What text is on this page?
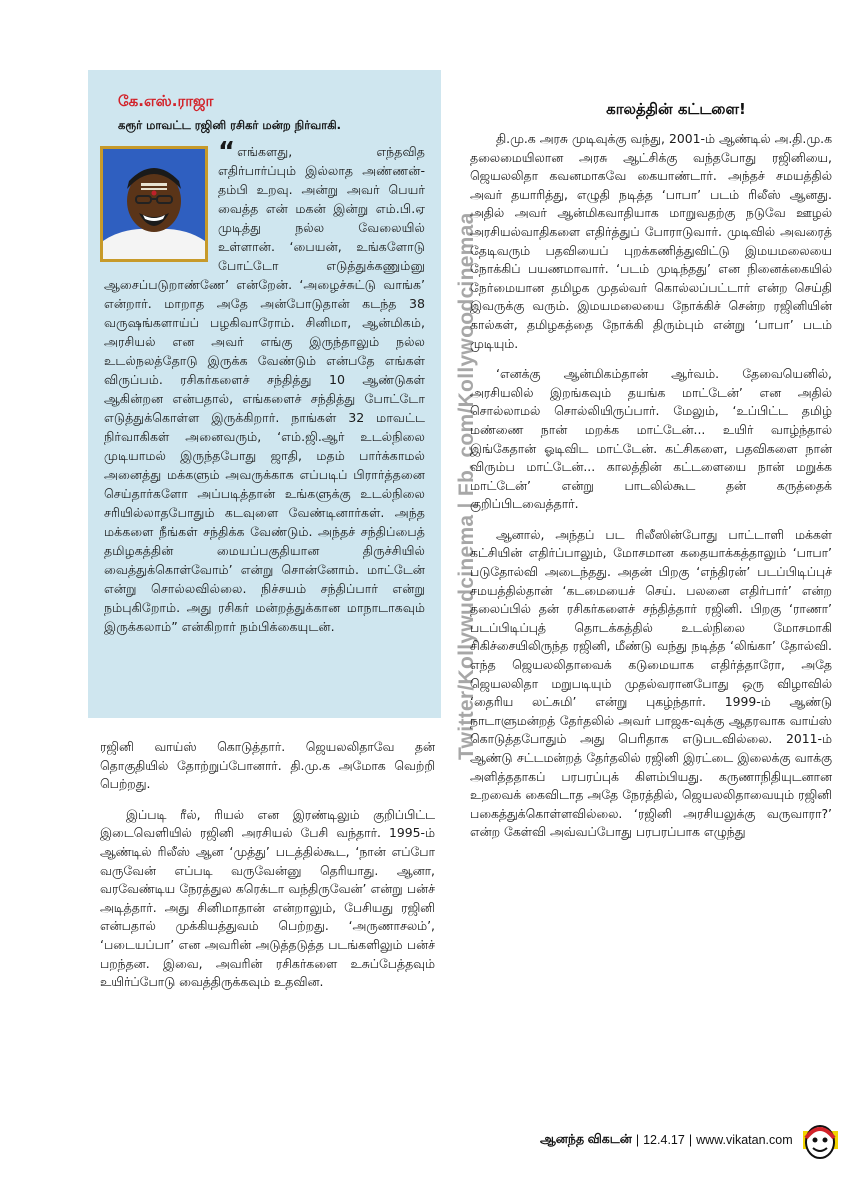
கே.எஸ்.ராஜா
கரூர் மாவட்ட ரஜினி ரசிகர் மன்ற நிர்வாகி.

“ எங்களது, எந்தவித எதிர்பார்ப்பும் இல்லாத அண்ணன்-தம்பி உறவு. அன்று அவர் பெயர் வைத்த என் மகன் இன்று எம்.பி.ஏ முடித்து நல்ல வேலையில் உள்ளான். ‘பையன், உங்களோடு போட்டோ எடுத்துக்கணும்னு ஆசைப்படுறாண்ணே’ என்றேன். ‘அழைச்சுட்டு வாங்க’ என்றார். மாறாத அதே அன்போடுதான் கடந்த 38 வருஷங்களாய்ப் பழகிவாரோம். சினிமா, ஆன்மிகம், அரசியல் என அவர் எங்கு இருந்தாலும் நல்ல உடல்நலத்தோடு இருக்க வேண்டும் என்பதே எங்கள் விருப்பம். ரசிகர்களைச் சந்தித்து 10 ஆண்டுகள் ஆகின்றன என்பதால், எங்களைச் சந்தித்து போட்டோ எடுத்துக்கொள்ள இருக்கிறார். நாங்கள் 32 மாவட்ட நிர்வாகிகள் அனைவரும், ‘எம்.ஜி.ஆர் உடல்நிலை முடியாமல் இருந்தபோது ஜாதி, மதம் பார்க்காமல் அனைத்து மக்களும் அவருக்காக எப்படிப் பிரார்த்தனை செய்தார்களோ அப்படித்தான் உங்களுக்கு உடல்நிலை சரியில்லாதபோதும் கடவுளை வேண்டினார்கள். அந்த மக்களை நீங்கள் சந்திக்க வேண்டும். அந்தச் சந்திப்பைத் தமிழகத்தின் மையப்பகுதியான திருச்சியில் வைத்துக்கொள்வோம்’ என்று சொன்னோம். மாட்டேன் என்று சொல்லவில்லை. நிச்சயம் சந்திப்பார் என்று நம்புகிறோம். அது ரசிகர் மன்றத்துக்கான மாநாடாகவும் இருக்கலாம்” என்கிறார் நம்பிக்கையுடன்.	Twitter/Kollywudcinema | Fb. com/Kollywoodcinemaa
காலத்தின் கட்டளை!

தி.மு.க அரசு முடிவுக்கு வந்து, 2001-ம் ஆண்டில் அ.தி.மு.க தலைமையிலான அரசு ஆட்சிக்கு வந்தபோது ரஜினியை, ஜெயலலிதா கவனமாகவே கையாண்டார். அந்தச் சமயத்தில் அவர் தயாரித்து, எழுதி நடித்த ‘பாபா’ படம் ரிலீஸ் ஆனது. அதில் அவர் ஆன்மிகவாதியாக மாறுவதற்கு நடுவே ஊழல் அரசியல்வாதிகளை எதிர்த்துப் போராடுவார். முடிவில் அவரைத் தேடிவரும் பதவியைப் புறக்கணித்துவிட்டு இமயமலையை நோக்கிப் பயணமாவார். ‘படம் முடிந்தது’ என நினைக்கையில் நேர்மையான தமிழக முதல்வர் கொல்லப்பட்டார் என்ற செய்தி இவருக்கு வரும். இமயமலையை நோக்கிச் சென்ற ரஜினியின் கால்கள், தமிழகத்தை நோக்கி திரும்பும் என்று ‘பாபா’ படம் முடியும்.

‘எனக்கு ஆன்மிகம்தான் ஆர்வம். தேவையெனில், அரசியலில் இறங்கவும் தயங்க மாட்டேன்’ என அதில் சொல்லாமல் சொல்லியிருப்பார். மேலும், ‘உப்பிட்ட தமிழ் மண்ணை நான் மறக்க மாட்டேன்... உயிர் வாழ்ந்தால் இங்கேதான் ஓடிவிட மாட்டேன். கட்சிகளை, பதவிகளை நான் விரும்ப மாட்டேன்... காலத்தின் கட்டளையை நான் மறுக்க மாட்டேன்’ என்று பாடலில்கூட தன் கருத்தைக் குறிப்பிடவைத்தார்.

ஆனால், அந்தப் பட ரிலீஸின்போது பாட்டாளி மக்கள் கட்சியின் எதிர்ப்பாலும், மோசமான கதையாக்கத்தாலும் ‘பாபா’ படுதோல்வி அடைந்தது. அதன் பிறகு ‘எந்திரன்’ படப்பிடிப்புச் சமயத்தில்தான் ‘கடமையைச் செய். பலனை எதிர்பார்’ என்ற தலைப்பில் தன் ரசிகர்களைச் சந்தித்தார் ரஜினி. பிறகு ‘ராணா’ படப்பிடிப்புத் தொடக்கத்தில் உடல்நிலை மோசமாகி சிகிச்சையிலிருந்த ரஜினி, மீண்டு வந்து நடித்த ‘லிங்கா’ தோல்வி. எந்த ஜெயலலிதாவைக் கடுமையாக எதிர்த்தாரோ, அதே ஜெயலலிதா மறுபடியும் முதல்வரானபோது ஒரு விழாவில் ‘தைரிய லட்சுமி’ என்று புகழ்ந்தார். 1999-ம் ஆண்டு நாடாளுமன்றத் தேர்தலில் அவர் பாஜக-வுக்கு ஆதரவாக வாய்ஸ் கொடுத்தபோதும் அது பெரிதாக எடுபடவில்லை. 2011-ம் ஆண்டு சட்டமன்றத் தேர்தலில் ரஜினி இரட்டை இலைக்கு வாக்கு அளித்ததாகப் பரபரப்புக் கிளம்பியது. கருணாநிதியுடனான உறவைக் கைவிடாத அதே நேரத்தில், ஜெயலலிதாவையும் ரஜினி பகைத்துக்கொள்ளவில்லை. ‘ரஜினி அரசியலுக்கு வருவாரா?’ என்ற கேள்வி அவ்வப்போது பரபரப்பாக எழுந்து

ரஜினி வாய்ஸ் கொடுத்தார். ஜெயலலிதாவே தன் தொகுதியில் தோற்றுப்போனார். தி.மு.க அமோக வெற்றி பெற்றது.

இப்படி ரீல், ரியல் என இரண்டிலும் குறிப்பிட்ட இடைவெளியில் ரஜினி அரசியல் பேசி வந்தார். 1995-ம் ஆண்டில் ரிலீஸ் ஆன ‘முத்து’ படத்தில்கூட, ‘நான் எப்போ வருவேன் எப்படி வருவேன்னு தெரியாது. ஆனா, வரவேண்டிய நேரத்துல கரெக்டா வந்திருவேன்’ என்று பன்ச் அடித்தார். அது சினிமாதான் என்றாலும், பேசியது ரஜினி என்பதால் முக்கியத்துவம் பெற்றது. ‘அருணாசலம்’, ‘படையப்பா’ என அவரின் அடுத்தடுத்த படங்களிலும் பன்ச் பறந்தன. இவை, அவரின் ரசிகர்களை உசுப்பேத்தவும் உயிர்ப்போடு வைத்திருக்கவும் உதவின.

ஆனந்த விகடன் | 12.4.17 | www.vikatan.com
